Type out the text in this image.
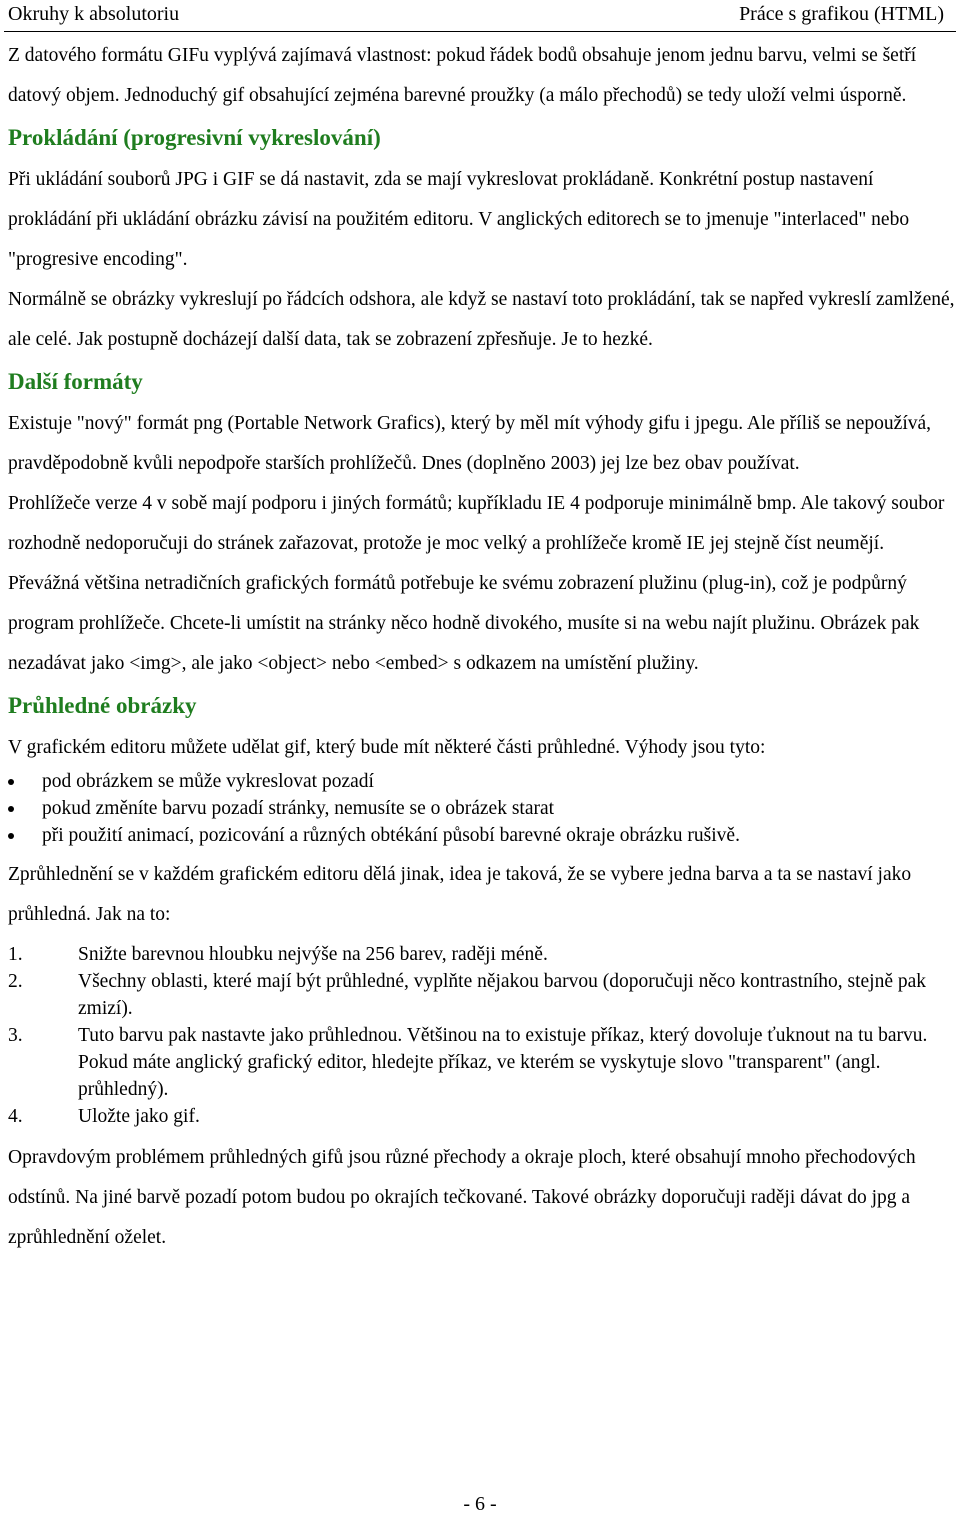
Okruhy k absolutoriu	Práce s grafikou (HTML)

Z datového formátu GIFu vyplývá zajímavá vlastnost: pokud řádek bodů obsahuje jenom jednu barvu, velmi se šetří datový objem. Jednoduchý gif obsahující zejména barevné proužky (a málo přechodů) se tedy uloží velmi úsporně.

Prokládání (progresivní vykreslování)

Při ukládání souborů JPG i GIF se dá nastavit, zda se mají vykreslovat prokládaně. Konkrétní postup nastavení prokládání při ukládání obrázku závisí na použitém editoru. V anglických editorech se to jmenuje "interlaced" nebo "progresive encoding".

Normálně se obrázky vykreslují po řádcích odshora, ale když se nastaví toto prokládání, tak se napřed vykreslí zamlžené, ale celé. Jak postupně docházejí další data, tak se zobrazení zpřesňuje. Je to hezké.

Další formáty

Existuje "nový" formát png (Portable Network Grafics), který by měl mít výhody gifu i jpegu. Ale příliš se nepoužívá, pravděpodobně kvůli nepodpoře starších prohlížečů. Dnes (doplněno 2003) jej lze bez obav používat.

Prohlížeče verze 4 v sobě mají podporu i jiných formátů; kupříkladu IE 4 podporuje minimálně bmp. Ale takový soubor rozhodně nedoporučuji do stránek zařazovat, protože je moc velký a prohlížeče kromě IE jej stejně číst neumějí.

Převážná většina netradičních grafických formátů potřebuje ke svému zobrazení plužinu (plug-in), což je podpůrný program prohlížeče. Chcete-li umístit na stránky něco hodně divokého, musíte si na webu najít plužinu. Obrázek pak nezadávat jako <img>, ale jako <object> nebo <embed> s odkazem na umístění plužiny.

Průhledné obrázky

V grafickém editoru můžete udělat gif, který bude mít některé části průhledné. Výhody jsou tyto:

pod obrázkem se může vykreslovat pozadí
pokud změníte barvu pozadí stránky, nemusíte se o obrázek starat
při použití animací, pozicování a různých obtékání působí barevné okraje obrázku rušivě.

Zprůhlednění se v každém grafickém editoru dělá jinak, idea je taková, že se vybere jedna barva a ta se nastaví jako průhledná. Jak na to:

1.	Snižte barevnou hloubku nejvýše na 256 barev, raději méně.
2.	Všechny oblasti, které mají být průhledné, vyplňte nějakou barvou (doporučuji něco kontrastního, stejně pak zmizí).
3.	Tuto barvu pak nastavte jako průhlednou. Většinou na to existuje příkaz, který dovoluje ťuknout na tu barvu. Pokud máte anglický grafický editor, hledejte příkaz, ve kterém se vyskytuje slovo "transparent" (angl. průhledný).
4.	Uložte jako gif.

Opravdovým problémem průhledných gifů jsou různé přechody a okraje ploch, které obsahují mnoho přechodových odstínů. Na jiné barvě pozadí potom budou po okrajích tečkované. Takové obrázky doporučuji raději dávat do jpg a zprůhlednění oželet.

- 6 -
